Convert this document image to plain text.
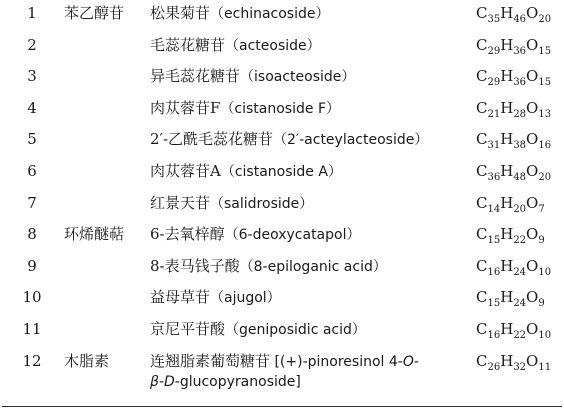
1	苯乙醇苷	松果菊苷（echinacoside）	$C_{35}H_{46}O_{20}$
2		毛蕊花糖苷（acteoside）	$C_{29}H_{36}O_{15}$
3		异毛蕊花糖苷（isoacteoside）	$C_{29}H_{36}O_{15}$
4		肉苁蓉苷F（cistanoside F）	$C_{21}H_{28}O_{13}$
5		2′-乙酰毛蕊花糖苷（2′-acteylacteoside）	$C_{31}H_{38}O_{16}$
6		肉苁蓉苷A（cistanoside A）	$C_{36}H_{48}O_{20}$
7		红景天苷（salidroside）	$C_{14}H_{20}O_7$
8	环烯醚萜	6-去氧梓醇（6-deoxycatapol）	$C_{15}H_{22}O_9$
9		8-表马钱子酸（8-epiloganic acid）	$C_{16}H_{24}O_{10}$
10		益母草苷（ajugol）	$C_{15}H_{24}O_9$
11		京尼平苷酸（geniposidic acid）	$C_{16}H_{22}O_{10}$
12	木脂素	连翘脂素葡萄糖苷 [(+)-pinoresinol 4-O-
β-D-glucopyranoside]	$C_{26}H_{32}O_{11}$
